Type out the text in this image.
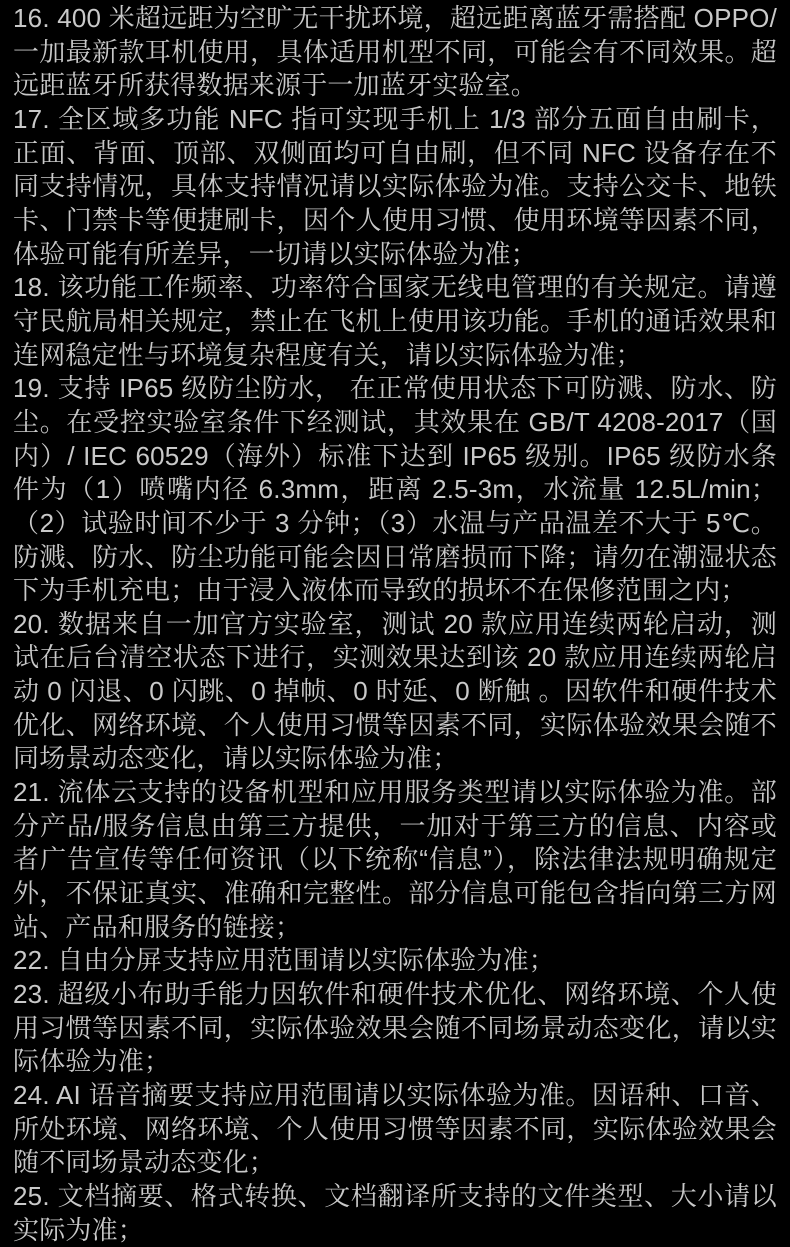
16. 400 米超远距为空旷无干扰环境，超远距离蓝牙需搭配 OPPO/一加最新款耳机使用，具体适用机型不同，可能会有不同效果。超远距蓝牙所获得数据来源于一加蓝牙实验室。

17. 全区域多功能 NFC 指可实现手机上 1/3 部分五面自由刷卡，正面、背面、顶部、双侧面均可自由刷，但不同 NFC 设备存在不同支持情况，具体支持情况请以实际体验为准。支持公交卡、地铁卡、门禁卡等便捷刷卡，因个人使用习惯、使用环境等因素不同，体验可能有所差异，一切请以实际体验为准；

18. 该功能工作频率、功率符合国家无线电管理的有关规定。请遵守民航局相关规定，禁止在飞机上使用该功能。手机的通话效果和连网稳定性与环境复杂程度有关，请以实际体验为准；

19. 支持 IP65 级防尘防水， 在正常使用状态下可防溅、防水、防尘。在受控实验室条件下经测试，其效果在 GB/T 4208-2017（国内）/ IEC 60529（海外）标准下达到 IP65 级别。IP65 级防水条件为（1）喷嘴内径 6.3mm，距离 2.5-3m，水流量 12.5L/min；（2）试验时间不少于 3 分钟；（3）水温与产品温差不大于 5℃。防溅、防水、防尘功能可能会因日常磨损而下降；请勿在潮湿状态下为手机充电；由于浸入液体而导致的损坏不在保修范围之内；

20. 数据来自一加官方实验室，测试 20 款应用连续两轮启动，测试在后台清空状态下进行，实测效果达到该 20 款应用连续两轮启动 0 闪退、0 闪跳、0 掉帧、0 时延、0 断触 。因软件和硬件技术优化、网络环境、个人使用习惯等因素不同，实际体验效果会随不同场景动态变化，请以实际体验为准；

21. 流体云支持的设备机型和应用服务类型请以实际体验为准。部分产品/服务信息由第三方提供，一加对于第三方的信息、内容或者广告宣传等任何资讯（以下统称“信息”），除法律法规明确规定外，不保证真实、准确和完整性。部分信息可能包含指向第三方网站、产品和服务的链接；

22. 自由分屏支持应用范围请以实际体验为准；

23. 超级小布助手能力因软件和硬件技术优化、网络环境、个人使用习惯等因素不同，实际体验效果会随不同场景动态变化，请以实际体验为准；

24. AI 语音摘要支持应用范围请以实际体验为准。因语种、口音、所处环境、网络环境、个人使用习惯等因素不同，实际体验效果会随不同场景动态变化；

25. 文档摘要、格式转换、文档翻译所支持的文件类型、大小请以实际为准；
